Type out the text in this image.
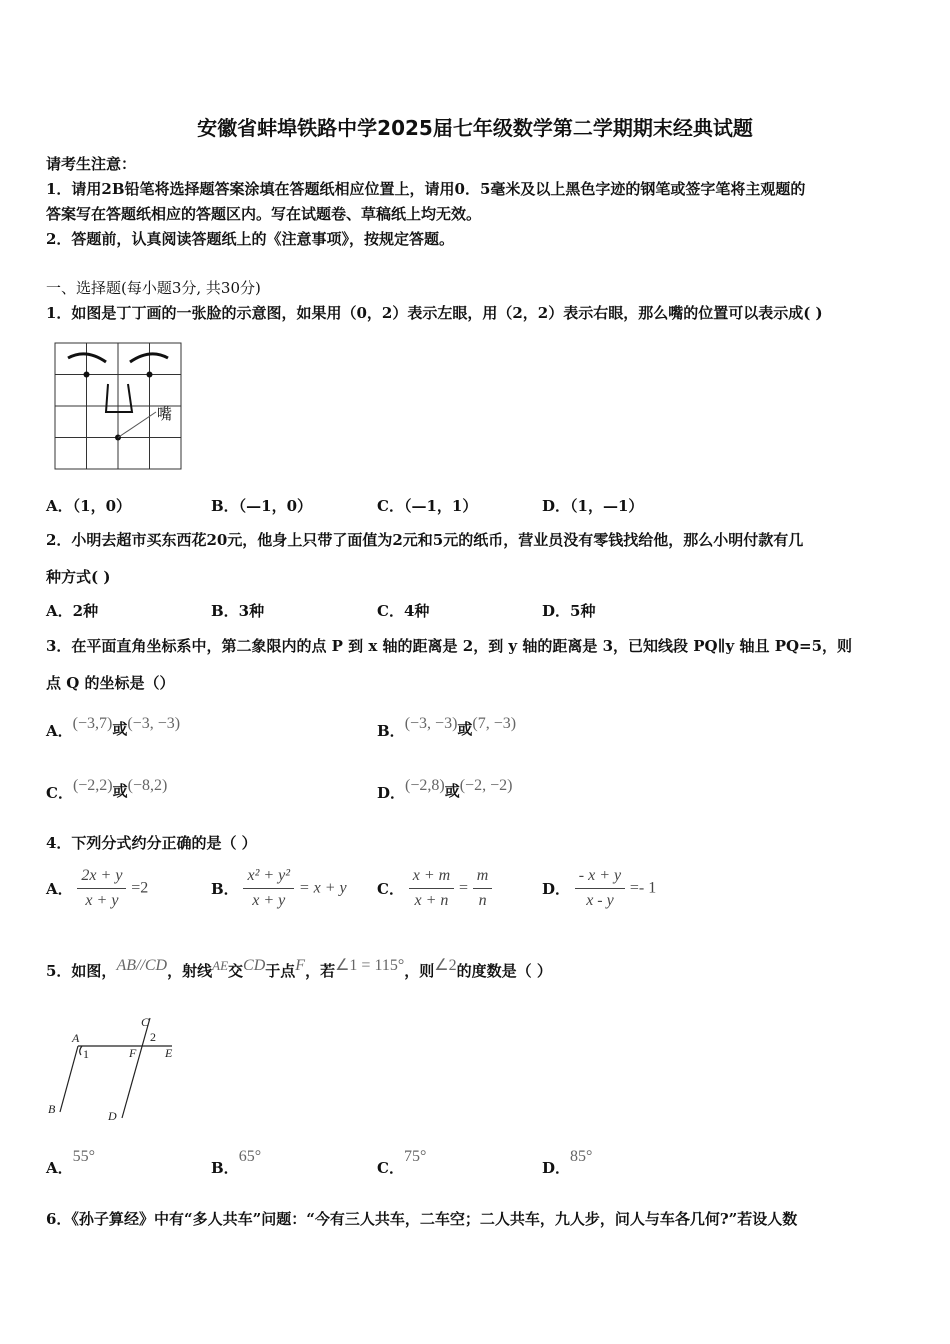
安徽省蚌埠铁路中学2025届七年级数学第二学期期末经典试题
请考生注意：
1．请用2B铅笔将选择题答案涂填在答题纸相应位置上，请用0．5毫米及以上黑色字迹的钢笔或签字笔将主观题的
答案写在答题纸相应的答题区内。写在试题卷、草稿纸上均无效。
2．答题前，认真阅读答题纸上的《注意事项》，按规定答题。
一、选择题(每小题3分, 共30分)
1．如图是丁丁画的一张脸的示意图，如果用（0，2）表示左眼，用（2，2）表示右眼，那么嘴的位置可以表示成( )
嘴
A．（1，0）	B．（—1，0）	C．（—1，1）	D．（1，—1）
2．小明去超市买东西花20元，他身上只带了面值为2元和5元的纸币，营业员没有零钱找给他，那么小明付款有几
种方式( )
A．2种	B．3种	C．4种	D．5种
3．在平面直角坐标系中，第二象限内的点 P 到 x 轴的距离是 2，到 y 轴的距离是 3，已知线段 PQ∥y 轴且 PQ=5，则
点 Q 的坐标是（）
A．(−3,7)或(−3, −3)	B．(−3, −3)或(7, −3)
C．(−2,2)或(−8,2)	D．(−2,8)或(−2, −2)
4．下列分式约分正确的是（ ）
A． $\frac{2x + y}{x + y} =2$	B． $\frac{\text{x² + y²}}{x + y} = x + y$ C． $\frac{x + m}{x + n} = \frac{m}{n}$	D． $\frac{- x + y}{x - y} =- 1$
5．如图，AB//CD，射线AE交CD于点F，若∠1 = 115°，则∠2的度数是（ ）
A
B
C
D
E
F
1
2
A．55°
B．65°
C．75°
D．85°
6．《孙子算经》中有“多人共车”问题：“今有三人共车，二车空；二人共车，九人步，问人与车各几何?”若设人数
